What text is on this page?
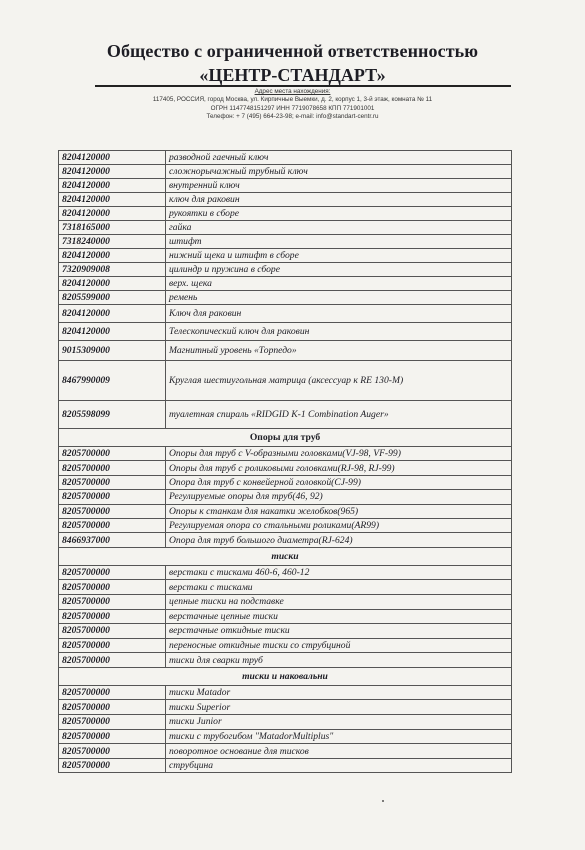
Общество с ограниченной ответственностью
«ЦЕНТР-СТАНДАРТ»
Адрес места нахождения:
117405, РОССИЯ, город Москва, ул. Кирпичные Выемки, д. 2, корпус 1, 3-й этаж, комната № 11
ОГРН 1147748151297 ИНН 7719078658 КПП 771901001
Телефон: + 7 (495) 664-23-98; e-mail: info@standart-centr.ru
8204120000	разводной гаечный ключ
8204120000	сложнорычажный трубный ключ
8204120000	внутренний ключ
8204120000	ключ для раковин
8204120000	рукоятки в сборе
7318165000	гайка
7318240000	штифт
8204120000	нижний щека и штифт в сборе
7320909008	цилиндр и пружина в сборе
8204120000	верх. щека
8205599000	ремень
8204120000	Ключ для раковин
8204120000	Телескопический ключ для раковин
9015309000	Магнитный уровень «Торпедо»
8467990009	Круглая шестиугольная матрица (аксессуар к RE 130-M)
8205598099	туалетная спираль «RIDGID K-1 Combination Auger»
Опоры для труб	
8205700000	Опоры для труб с V-образными головками(VJ-98, VF-99)
8205700000	Опоры для труб с роликовыми головками(RJ-98, RJ-99)
8205700000	Опора для труб с конвейерной головкой(CJ-99)
8205700000	Регулируемые опоры для труб(46, 92)
8205700000	Опоры к станкам для накатки желобков(965)
8205700000	Регулируемая опора со стальными роликами(AR99)
8466937000	Опора для труб большого диаметра(RJ-624)
тиски	
8205700000	верстаки с тисками 460-6, 460-12
8205700000	верстаки с тисками
8205700000	цепные тиски на подставке
8205700000	верстачные цепные тиски
8205700000	верстачные откидные тиски
8205700000	переносные откидные тиски со струбциной
8205700000	тиски для сварки труб
тиски и наковальни	
8205700000	тиски Matador
8205700000	тиски Superior
8205700000	тиски Junior
8205700000	тиски с трубогибом "MatadorMultiplus"
8205700000	поворотное основание для тисков
8205700000	струбцина
